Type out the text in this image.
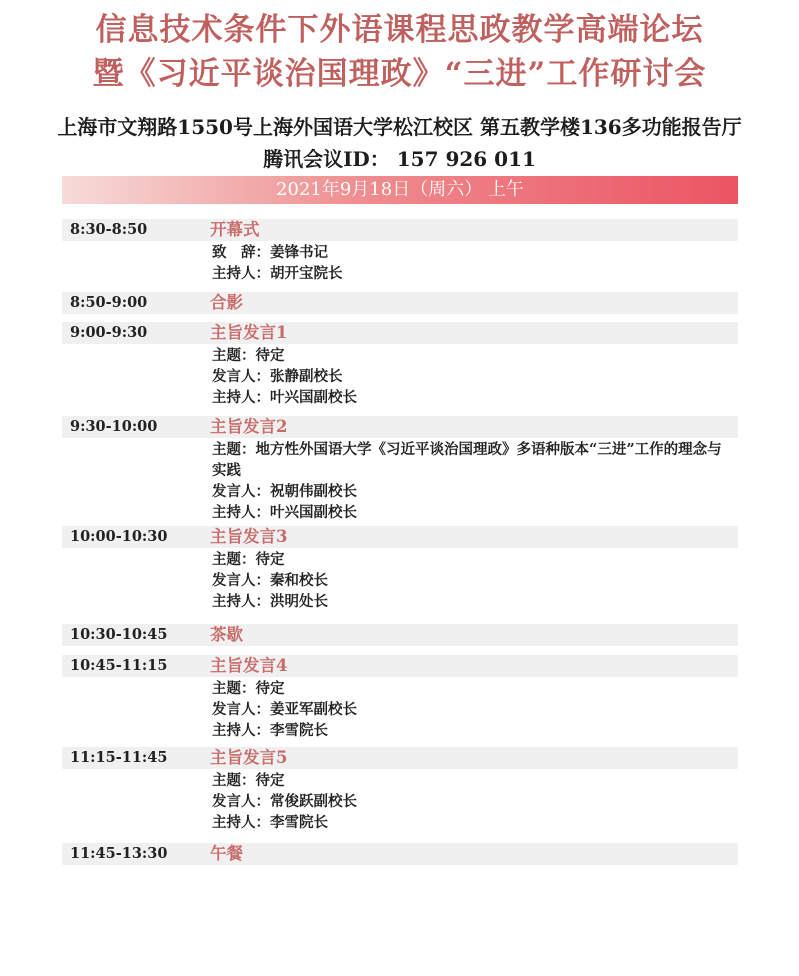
信息技术条件下外语课程思政教学高端论坛
暨《习近平谈治国理政》“三进”工作研讨会
上海市文翔路1550号上海外国语大学松江校区 第五教学楼136多功能报告厅
腾讯会议ID： 157 926 011
2021年9月18日（周六） 上午
8:30-8:50	开幕式
致　辞：姜锋书记
主持人：胡开宝院长
8:50-9:00	合影
9:00-9:30	主旨发言1
主题：待定
发言人：张静副校长
主持人：叶兴国副校长
9:30-10:00	主旨发言2
主题：地方性外国语大学《习近平谈治国理政》多语种版本“三进”工作的理念与实践
发言人：祝朝伟副校长
主持人：叶兴国副校长
10:00-10:30	主旨发言3
主题：待定
发言人：秦和校长
主持人：洪明处长
10:30-10:45	茶歇
10:45-11:15	主旨发言4
主题：待定
发言人：姜亚军副校长
主持人：李雪院长
11:15-11:45	主旨发言5
主题：待定
发言人：常俊跃副校长
主持人：李雪院长
11:45-13:30	午餐
